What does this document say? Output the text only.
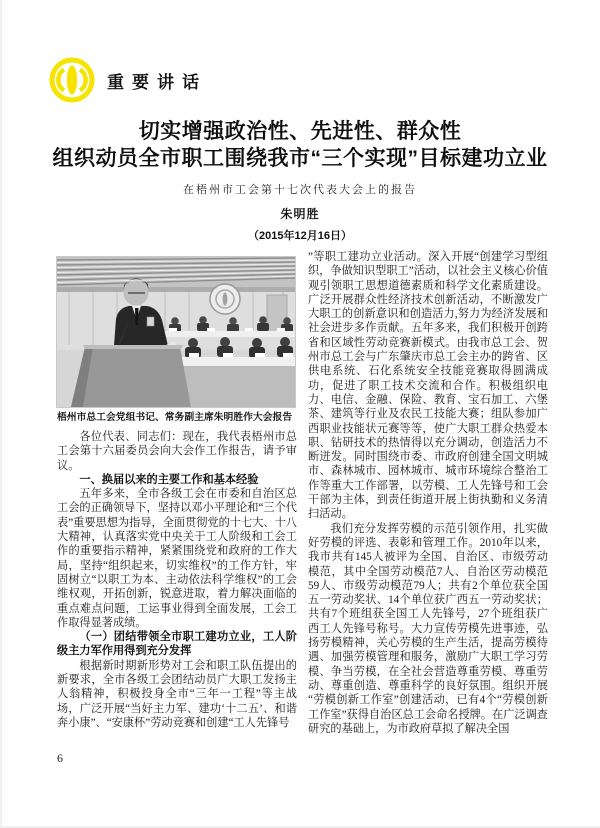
重要讲话
切实增强政治性、先进性、群众性
组织动员全市职工围绕我市“三个实现”目标建功立业
在梧州市工会第十七次代表大会上的报告
朱明胜
（2015年12月16日）
梧州市总工会党组书记、常务副主席朱明胜作大会报告

各位代表、同志们：现在，我代表梧州市总工会第十六届委员会向大会作工作报告，请予审议。

一、换届以来的主要工作和基本经验

五年多来，全市各级工会在市委和自治区总工会的正确领导下，坚持以邓小平理论和“三个代表”重要思想为指导，全面贯彻党的十七大、十八大精神，认真落实党中央关于工人阶级和工会工作的重要指示精神，紧紧围绕党和政府的工作大局，坚持“组织起来，切实维权”的工作方针，牢固树立“以职工为本、主动依法科学维权”的工会维权观，开拓创新，锐意进取，着力解决面临的重点难点问题，工运事业得到全面发展，工会工作取得显著成绩。

（一）团结带领全市职工建功立业，工人阶级主力军作用得到充分发挥

根据新时期新形势对工会和职工队伍提出的新要求，全市各级工会团结动员广大职工发扬主人翁精神，积极投身全市“三年一工程”等主战场，广泛开展“当好主力军、建功‘十二五’、和谐奔小康”、“安康杯”劳动竞赛和创建“工人先锋号

”等职工建功立业活动。深入开展“创建学习型组织，争做知识型职工”活动，以社会主义核心价值观引领职工思想道德素质和科学文化素质建设。广泛开展群众性经济技术创新活动，不断激发广大职工的创新意识和创造活力,努力为经济发展和社会进步多作贡献。五年多来，我们积极开创跨省和区域性劳动竞赛新模式。由我市总工会、贺州市总工会与广东肇庆市总工会主办的跨省、区供电系统、石化系统安全技能竞赛取得圆满成功，促进了职工技术交流和合作。积极组织电力、电信、金融、保险、教育、宝石加工、六堡茶、建筑等行业及农民工技能大赛；组队参加广西职业技能状元赛等等，使广大职工群众热爱本职、钻研技术的热情得以充分调动，创造活力不断迸发。同时围绕市委、市政府创建全国文明城市、森林城市、园林城市、城市环境综合整治工作等重大工作部署，以劳模、工人先锋号和工会干部为主体，到责任街道开展上街执勤和义务清扫活动。

我们充分发挥劳模的示范引领作用，扎实做好劳模的评选、表彰和管理工作。2010年以来，我市共有145人被评为全国、自治区、市级劳动模范，其中全国劳动模范7人、自治区劳动模范59人、市级劳动模范79人；共有2个单位获全国五一劳动奖状、14个单位获广西五一劳动奖状；共有7个班组获全国工人先锋号，27个班组获广西工人先锋号称号。大力宣传劳模先进事迹，弘扬劳模精神，关心劳模的生产生活，提高劳模待遇、加强劳模管理和服务，激励广大职工学习劳模、争当劳模，在全社会营造尊重劳模、尊重劳动、尊重创造、尊重科学的良好氛围。组织开展“劳模创新工作室”创建活动，已有4个“劳模创新工作室”获得自治区总工会命名授牌。在广泛调查研究的基础上，为市政府草拟了解决全国

6
